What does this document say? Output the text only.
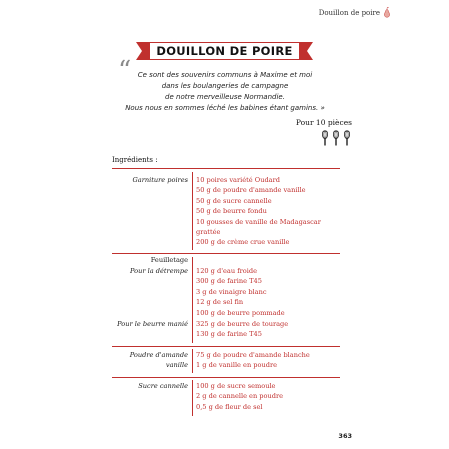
Douillon de poire
DOUILLON DE POIRE
“ Ce sont des souvenirs communs à Maxime et moi
dans les boulangeries de campagne
de notre merveilleuse Normandie.
Nous nous en sommes léché les babines étant gamins. »
Pour 10 pièces
Ingrédients :
Garniture poires 10 poires variété Oudard
50 g de poudre d'amande vanille
50 g de sucre cannelle
50 g de beurre fondu
10 gousses de vanille de Madagascar grattée
200 g de crème crue vanille
Feuilletage
Pour la détrempe 120 g d'eau froide
300 g de farine T45
3 g de vinaigre blanc
12 g de sel fin
100 g de beurre pommade
Pour le beurre manié 325 g de beurre de tourage
130 g de farine T45
Poudre d'amande
vanille
75 g de poudre d'amande blanche
1 g de vanille en poudre
Sucre cannelle 100 g de sucre semoule
2 g de cannelle en poudre
0,5 g de fleur de sel
363
